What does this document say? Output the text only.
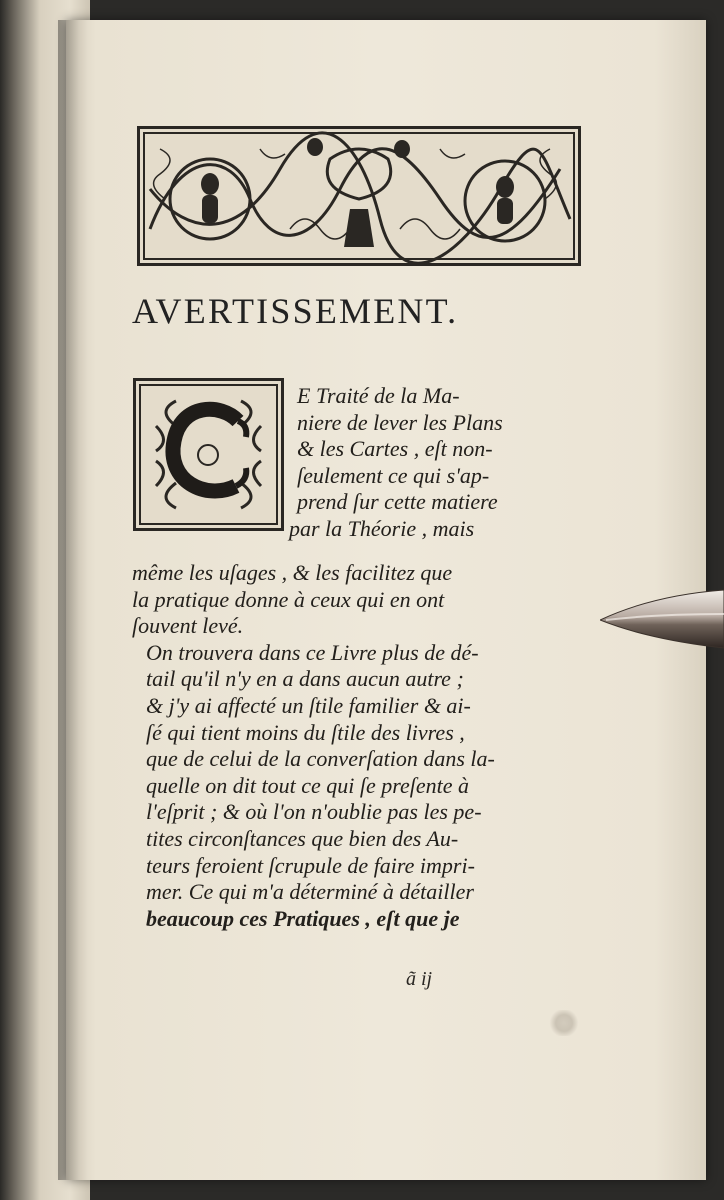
AVERTISSEMENT.
E Traité de la Ma-
niere de lever les Plans
& les Cartes , eſt non-
ſeulement ce qui s'ap-
prend ſur cette matiere
par la Théorie , mais
même les uſages , & les facilitez que
la pratique donne à ceux qui en ont
ſouvent levé.
On trouvera dans ce Livre plus de dé-
tail qu'il n'y en a dans aucun autre ;
& j'y ai affecté un ſtile familier & ai-
ſé qui tient moins du ſtile des livres ,
que de celui de la converſation dans la-
quelle on dit tout ce qui ſe preſente à
l'eſprit ; & où l'on n'oublie pas les pe-
tites circonſtances que bien des Au-
teurs feroient ſcrupule de faire impri-
mer. Ce qui m'a déterminé à détailler
beaucoup ces Pratiques , eſt que je
ã ij
